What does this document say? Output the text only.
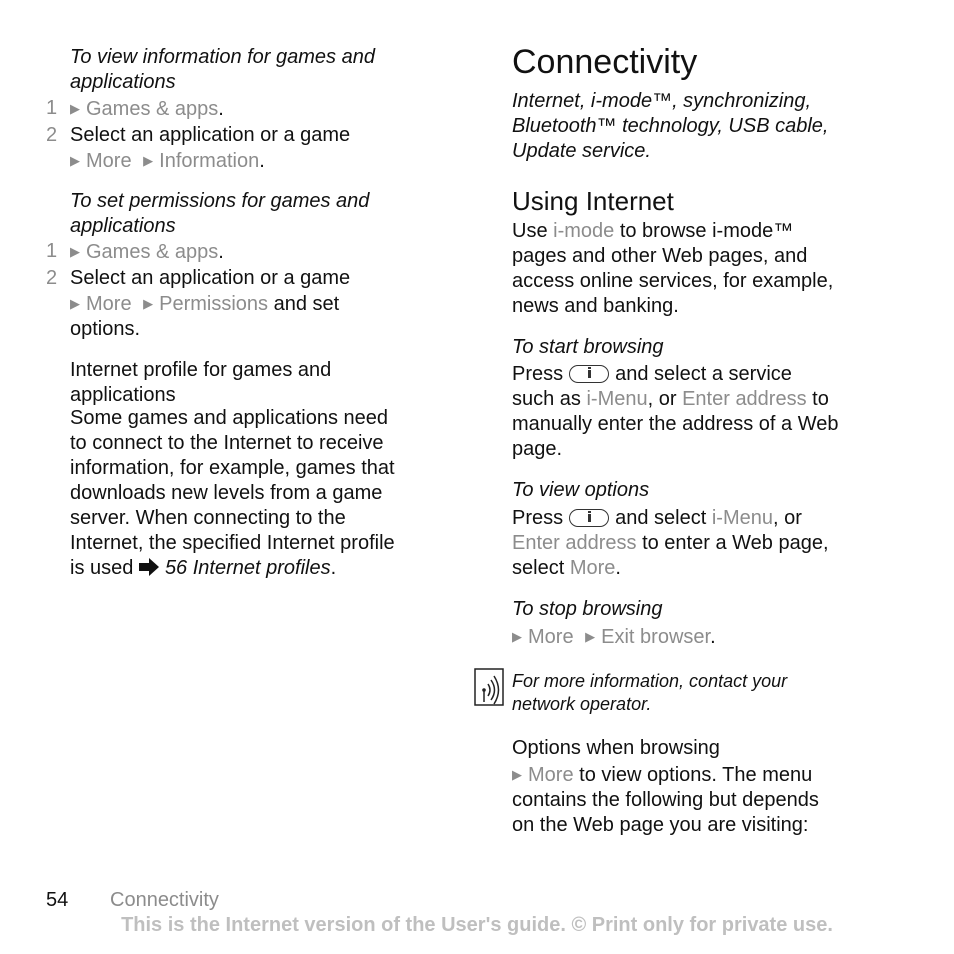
To view information for games and
applications

1 ▶ Games & apps.

2 Select an application or a game
▶ More ▶ Information.

To set permissions for games and
applications

1 ▶ Games & apps.

2 Select an application or a game
▶ More ▶ Permissions and set
options.

Internet profile for games and
applications

Some games and applications need
to connect to the Internet to receive
information, for example, games that
downloads new levels from a game
server. When connecting to the
Internet, the specified Internet profile
is used 56 Internet profiles.

Connectivity

Internet, i-mode™, synchronizing,
Bluetooth™ technology, USB cable,
Update service.

Using Internet

Use i-mode to browse i-mode™
pages and other Web pages, and
access online services, for example,
news and banking.

To start browsing

Press	and select a service
such as i-Menu, or Enter address to
manually enter the address of a Web
page.

To view options

Press	and select i-Menu, or
Enter address to enter a Web page,
select More.

To stop browsing

▶ More ▶ Exit browser.

For more information, contact your
network operator.

Options when browsing

▶ More to view options. The menu
contains the following but depends
on the Web page you are visiting:

54 Connectivity
This is the Internet version of the User's guide. © Print only for private use.
